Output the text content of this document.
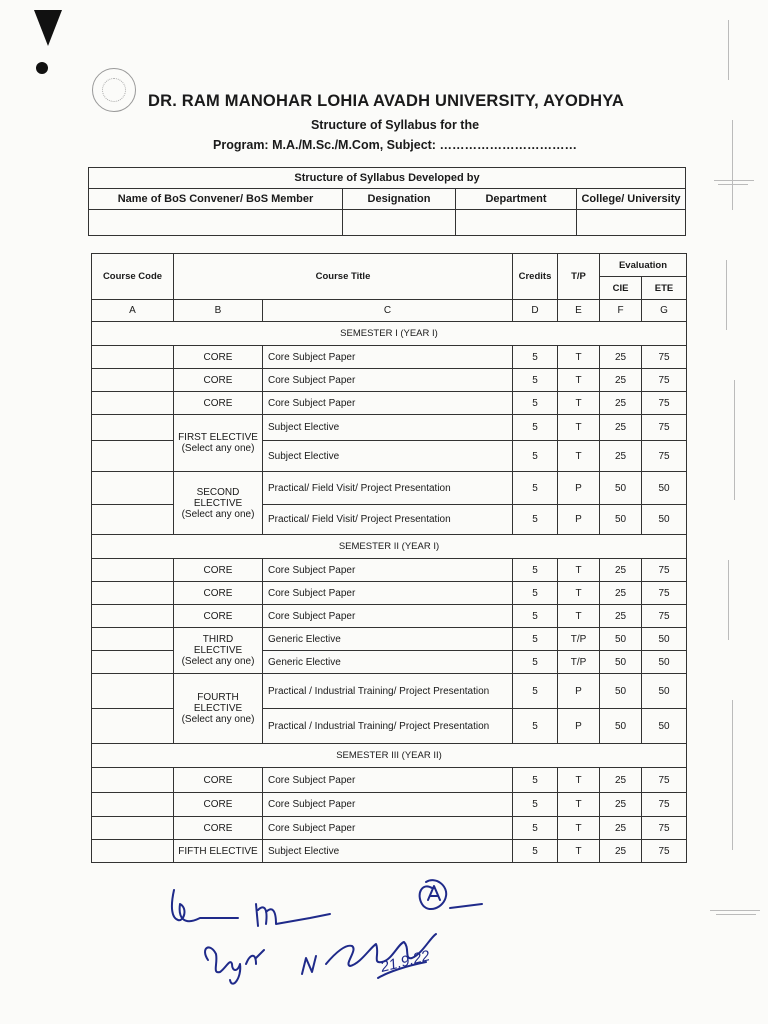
DR. RAM MANOHAR LOHIA AVADH UNIVERSITY, AYODHYA
Structure of Syllabus for the
Program: M.A./M.Sc./M.Com, Subject: ……………………………
Structure of Syllabus Developed by			
Name of BoS Convener/ BoS Member	Designation	Department	College/ University

Course Code	Course Title		Credits	T/P	Evaluation	
					CIE	ETE
A	B	C	D	E	F	G
SEMESTER I (YEAR I)						
	CORE	Core Subject Paper	5	T	25	75
	CORE	Core Subject Paper	5	T	25	75
	CORE	Core Subject Paper	5	T	25	75
	FIRST ELECTIVE (Select any one)	Subject Elective	5	T	25	75
		Subject Elective	5	T	25	75
	SECOND ELECTIVE (Select any one)	Practical/ Field Visit/ Project Presentation	5	P	50	50
		Practical/ Field Visit/ Project Presentation	5	P	50	50
SEMESTER II (YEAR I)						
	CORE	Core Subject Paper	5	T	25	75
	CORE	Core Subject Paper	5	T	25	75
	CORE	Core Subject Paper	5	T	25	75
	THIRD ELECTIVE (Select any one)	Generic Elective	5	T/P	50	50
		Generic Elective	5	T/P	50	50
	FOURTH ELECTIVE (Select any one)	Practical / Industrial Training/ Project Presentation	5	P	50	50
		Practical / Industrial Training/ Project Presentation	5	P	50	50
SEMESTER III (YEAR II)						
	CORE	Core Subject Paper	5	T	25	75
	CORE	Core Subject Paper	5	T	25	75
	CORE	Core Subject Paper	5	T	25	75
	FIFTH ELECTIVE	Subject Elective	5	T	25	75
21.9.22
